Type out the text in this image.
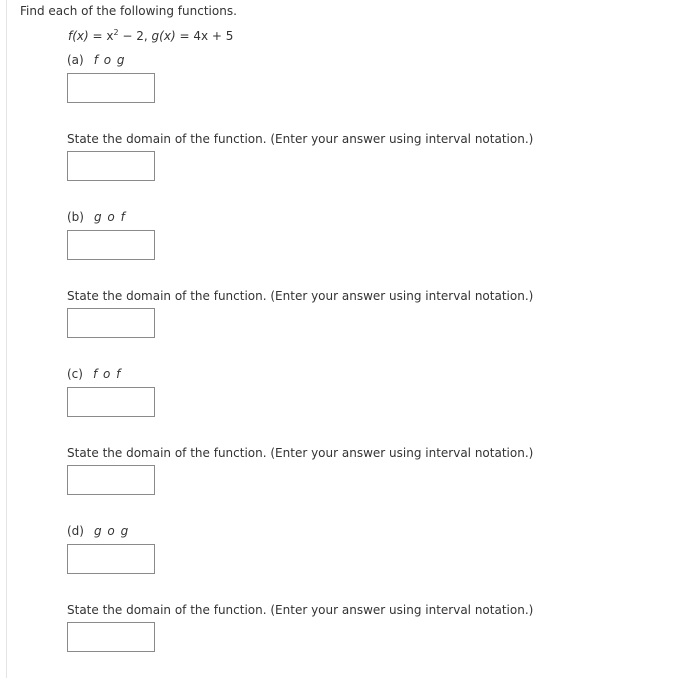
Find each of the following functions.
$f(x) = x^2 - 2$, g(x) = 4x + 5
(a) f o g
State the domain of the function. (Enter your answer using interval notation.)
(b) g o f
State the domain of the function. (Enter your answer using interval notation.)
(c) f o f
State the domain of the function. (Enter your answer using interval notation.)
(d) g o g
State the domain of the function. (Enter your answer using interval notation.)
